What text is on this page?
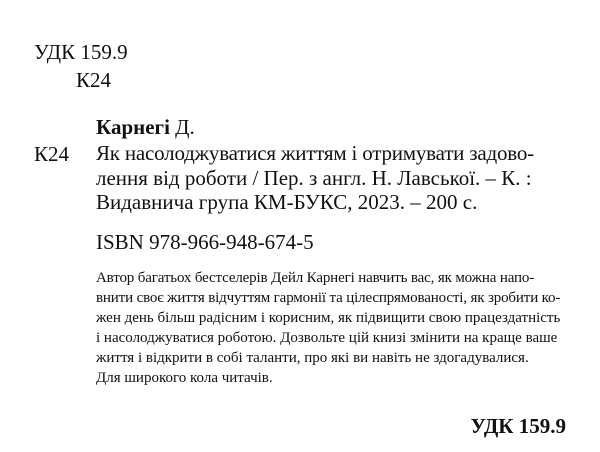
УДК 159.9
К24
Карнегі Д.
К24 Як насолоджуватися життям і отримувати задово-
лення від роботи / Пер. з англ. Н. Лавської. – К. :
Видавнича група КМ-БУКС, 2023. – 200 с.
ISBN 978-966-948-674-5
Автор багатьох бестселерів Дейл Карнегі навчить вас, як можна напо-
внити своє життя відчуттям гармонії та цілеспрямованості, як зробити ко-
жен день більш радісним і корисним, як підвищити свою працездатність
і насолоджуватися роботою. Дозвольте цій книзі змінити на краще ваше
життя і відкрити в собі таланти, про які ви навіть не здогадувалися.
Для широкого кола читачів.
УДК 159.9
